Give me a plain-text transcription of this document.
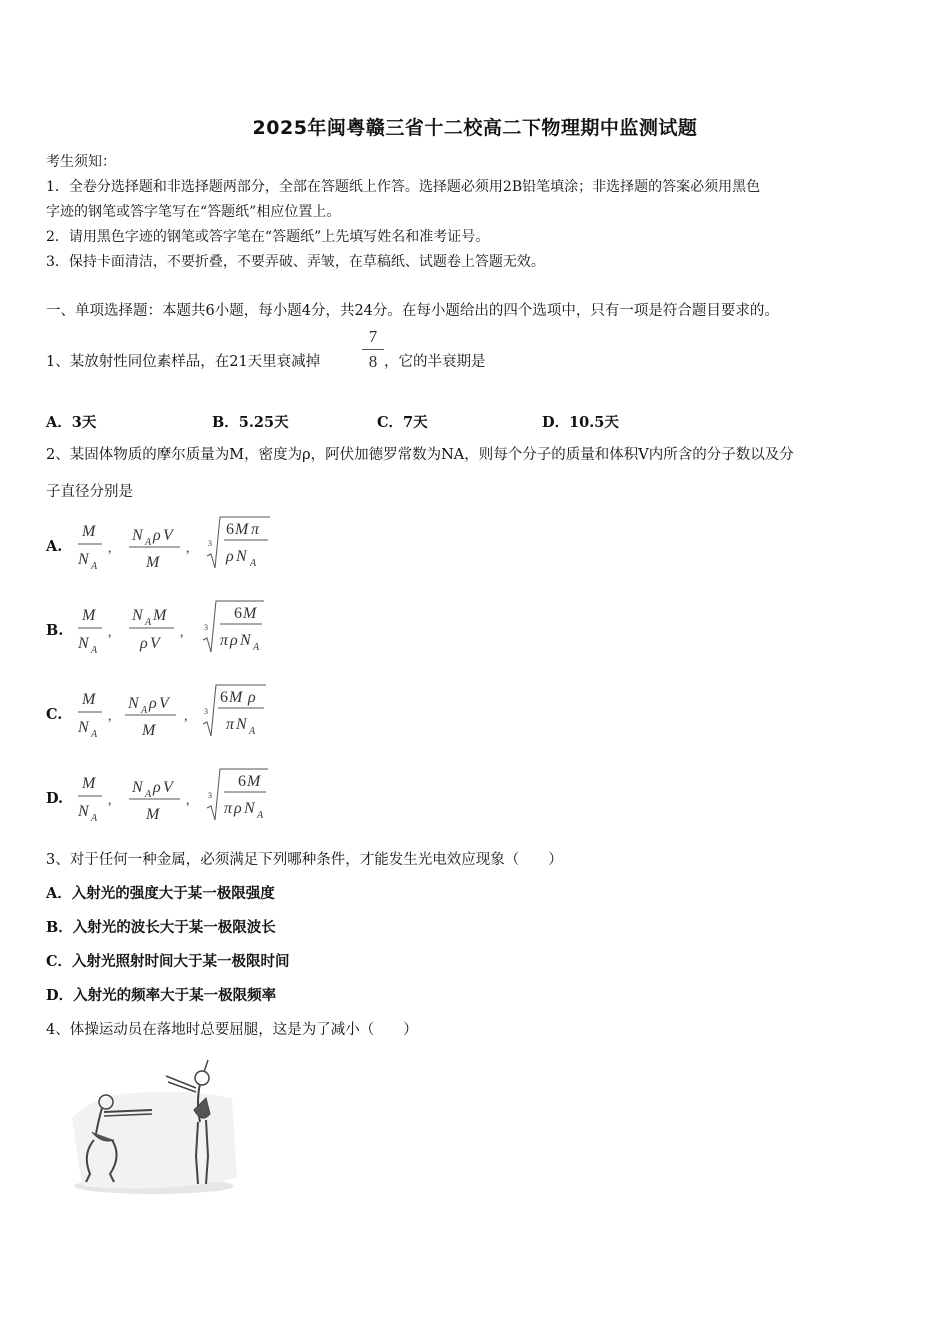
2025年闽粤赣三省十二校高二下物理期中监测试题
考生须知：
1．全卷分选择题和非选择题两部分，全部在答题纸上作答。选择题必须用2B铅笔填涂；非选择题的答案必须用黑色
字迹的钢笔或答字笔写在“答题纸”相应位置上。
2．请用黑色字迹的钢笔或答字笔在“答题纸”上先填写姓名和准考证号。
3．保持卡面清洁，不要折叠，不要弄破、弄皱，在草稿纸、试题卷上答题无效。
一、单项选择题：本题共6小题，每小题4分，共24分。在每小题给出的四个选项中，只有一项是符合题目要求的。
1、某放射性同位素样品，在21天里衰减掉
7
8 ，它的半衰期是
A．3天	B．5.25天	C．7天	D．10.5天
2、某固体物质的摩尔质量为M，密度为ρ，阿伏加德罗常数为NA，则每个分子的质量和体积V内所含的分子数以及分
子直径分别是
A.
M
N A
,
N A ρ V
M
, 3
6 M π
ρ N A
B.
M
N A
,
N A M
ρ V
,	3
6 M
π ρ N A
C.
M
N A
,
N A ρ V
M
, 3
6 M ρ
π N A
D.
M
N A
,
N A ρ V
M
, 3
6 M
π ρ N A
3、对于任何一种金属，必须满足下列哪种条件，才能发生光电效应现象（　　）
A．入射光的强度大于某一极限强度
B．入射光的波长大于某一极限波长
C．入射光照射时间大于某一极限时间
D．入射光的频率大于某一极限频率
4、体操运动员在落地时总要屈腿，这是为了减小（　　）
